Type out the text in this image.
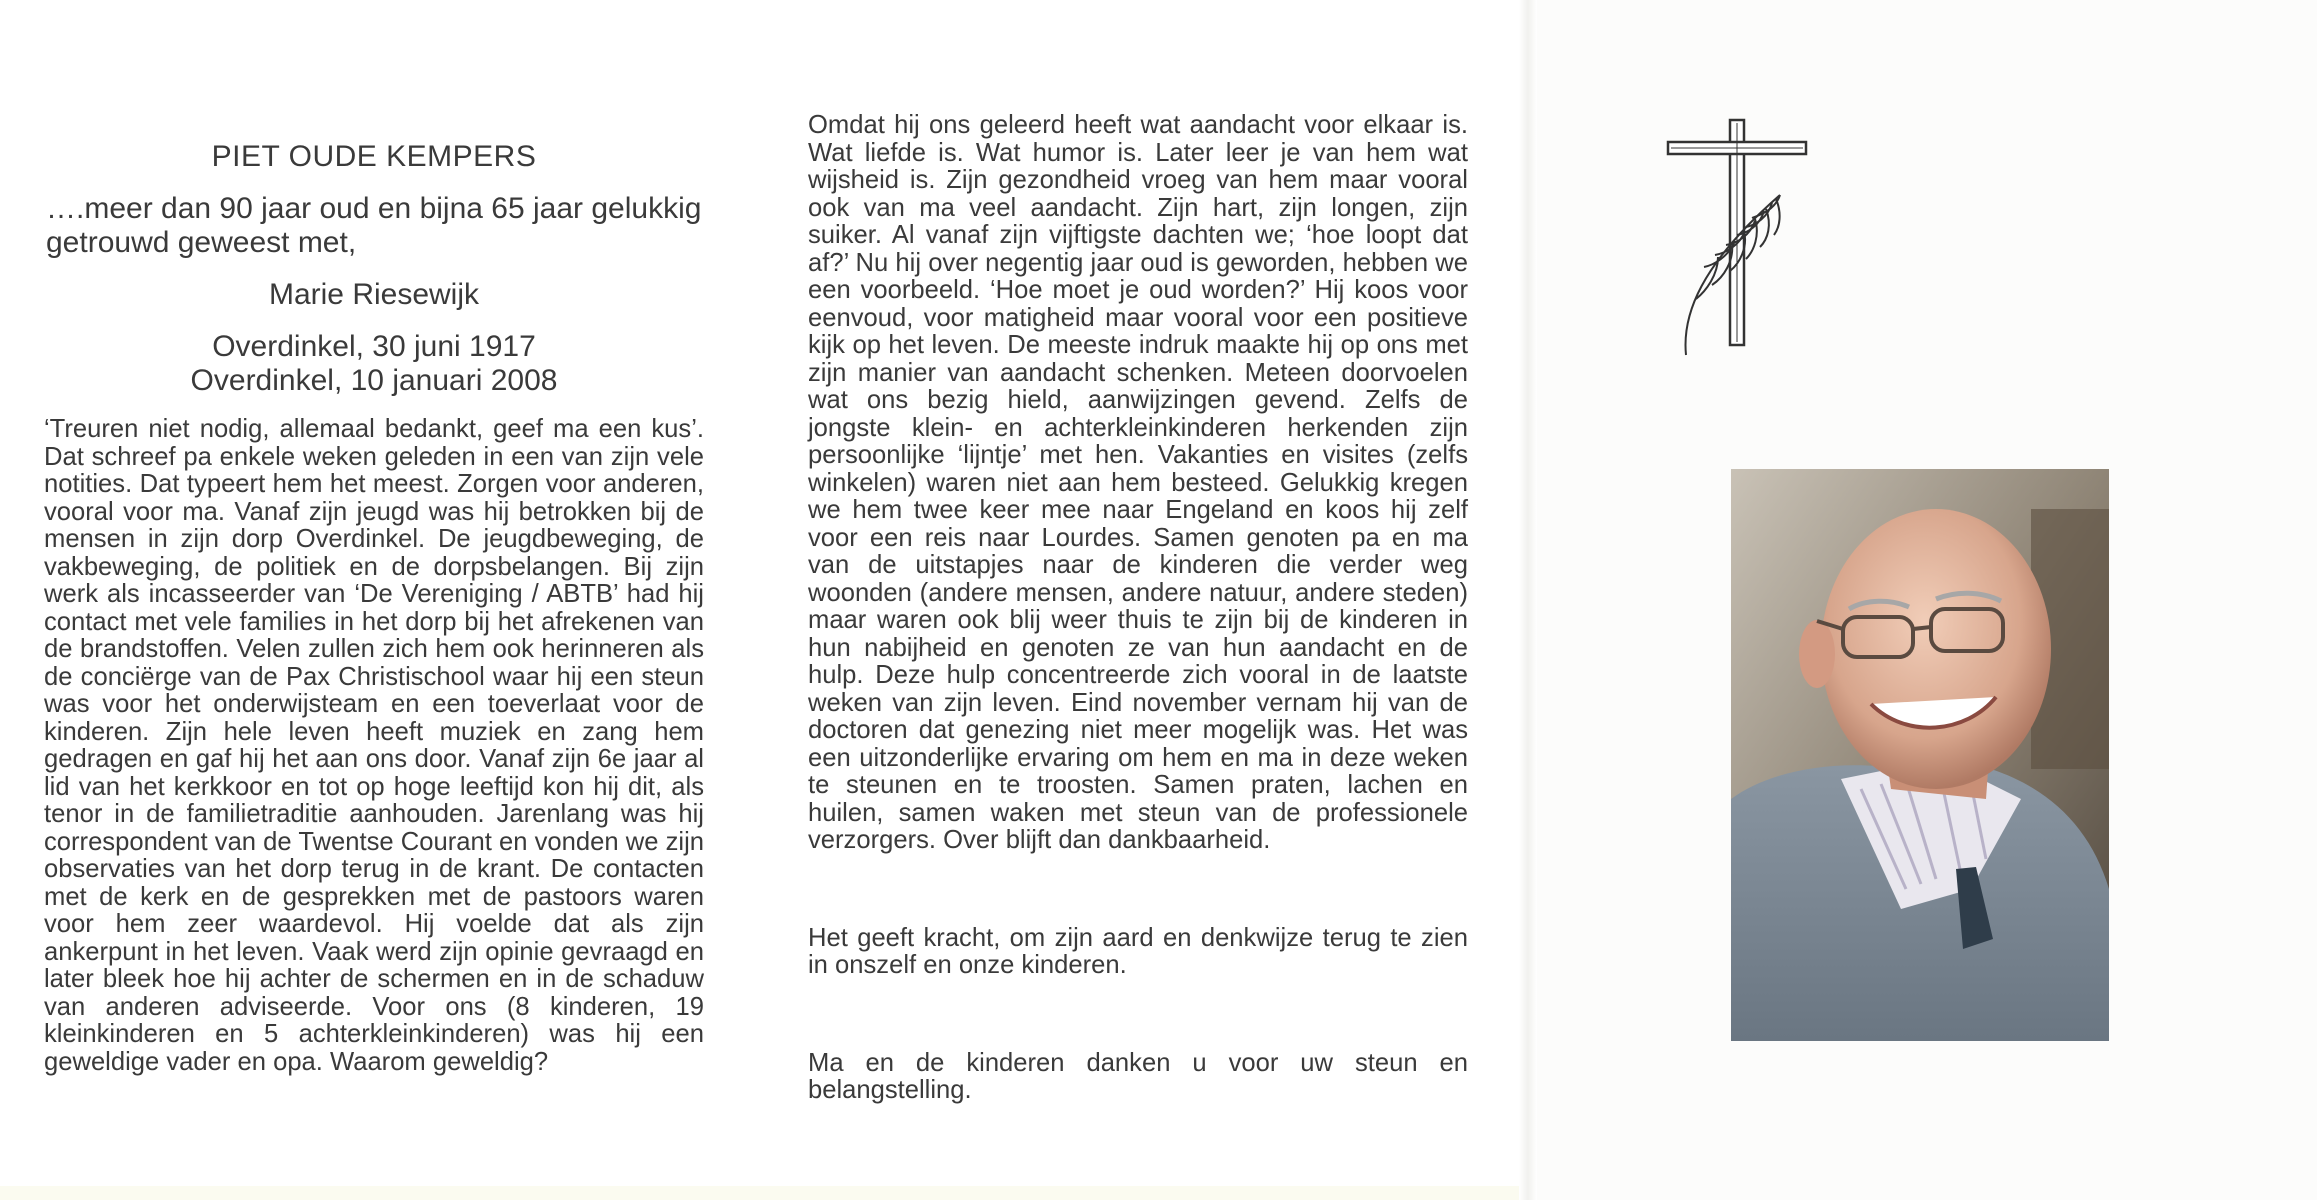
PIET OUDE KEMPERS
….meer dan 90 jaar oud en bijna 65 jaar gelukkig getrouwd geweest met,
Marie Riesewijk
Overdinkel, 30 juni 1917
Overdinkel, 10 januari 2008

‘Treuren niet nodig, allemaal bedankt, geef ma een kus’. Dat schreef pa enkele weken geleden in een van zijn vele notities. Dat typeert hem het meest. Zorgen voor anderen, vooral voor ma. Vanaf zijn jeugd was hij betrokken bij de mensen in zijn dorp Overdinkel. De jeugdbeweging, de vakbeweging, de politiek en de dorpsbelangen. Bij zijn werk als incasseerder van ‘De Vereniging / ABTB’ had hij contact met vele families in het dorp bij het afrekenen van de brandstoffen. Velen zullen zich hem ook herinneren als de conciërge van de Pax Christischool waar hij een steun was voor het onderwijsteam en een toeverlaat voor de kinderen. Zijn hele leven heeft muziek en zang hem gedragen en gaf hij het aan ons door. Vanaf zijn 6e jaar al lid van het kerkkoor en tot op hoge leeftijd kon hij dit, als tenor in de familietraditie aanhouden. Jarenlang was hij correspondent van de Twentse Courant en vonden we zijn observaties van het dorp terug in de krant. De contacten met de kerk en de gesprekken met de pastoors waren voor hem zeer waardevol. Hij voelde dat als zijn ankerpunt in het leven. Vaak werd zijn opinie gevraagd en later bleek hoe hij achter de schermen en in de schaduw van anderen adviseerde. Voor ons (8 kinderen, 19 kleinkinderen en 5 achterkleinkinderen) was hij een geweldige vader en opa. Waarom geweldig?

Omdat hij ons geleerd heeft wat aandacht voor elkaar is. Wat liefde is. Wat humor is. Later leer je van hem wat wijsheid is. Zijn gezondheid vroeg van hem maar vooral ook van ma veel aandacht. Zijn hart, zijn longen, zijn suiker. Al vanaf zijn vijftigste dachten we; ‘hoe loopt dat af?’ Nu hij over negentig jaar oud is geworden, hebben we een voorbeeld. ‘Hoe moet je oud worden?’ Hij koos voor eenvoud, voor matigheid maar vooral voor een positieve kijk op het leven. De meeste indruk maakte hij op ons met zijn manier van aandacht schenken. Meteen doorvoelen wat ons bezig hield, aanwijzingen gevend. Zelfs de jongste klein- en achterkleinkinderen herkenden zijn persoonlijke ‘lijntje’ met hen. Vakanties en visites (zelfs winkelen) waren niet aan hem besteed. Gelukkig kregen we hem twee keer mee naar Engeland en koos hij zelf voor een reis naar Lourdes. Samen genoten pa en ma van de uitstapjes naar de kinderen die verder weg woonden (andere mensen, andere natuur, andere steden) maar waren ook blij weer thuis te zijn bij de kinderen in hun nabijheid en genoten ze van hun aandacht en de hulp. Deze hulp concentreerde zich vooral in de laatste weken van zijn leven. Eind november vernam hij van de doctoren dat genezing niet meer mogelijk was. Het was een uitzonderlijke ervaring om hem en ma in deze weken te steunen en te troosten. Samen praten, lachen en huilen, samen waken met steun van de professionele verzorgers. Over blijft dan dankbaarheid.

Het geeft kracht, om zijn aard en denkwijze terug te zien in onszelf en onze kinderen.

Ma en de kinderen danken u voor uw steun en belangstelling.
